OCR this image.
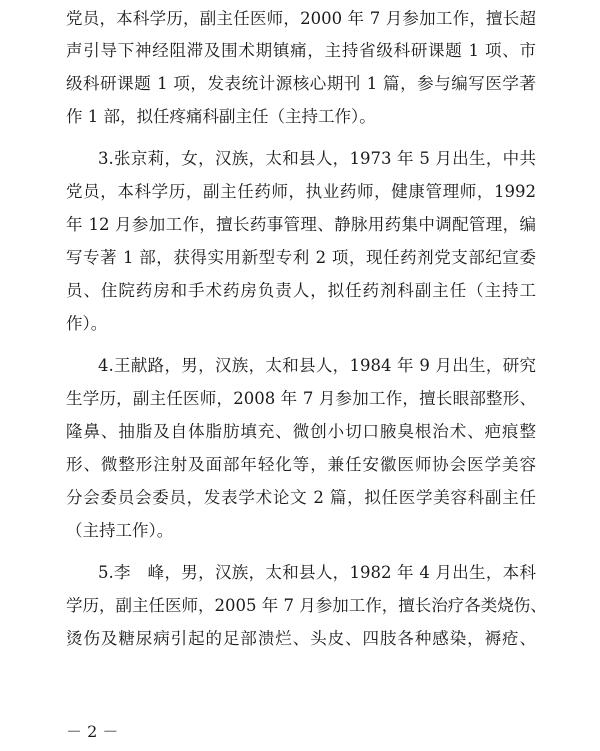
党员，本科学历，副主任医师，2000 年 7 月参加工作，擅长超
声引导下神经阻滞及围术期镇痛，主持省级科研课题 1 项、市
级科研课题 1 项，发表统计源核心期刊 1 篇，参与编写医学著
作 1 部，拟任疼痛科副主任（主持工作）。
3.张京莉，女，汉族，太和县人，1973 年 5 月出生，中共
党员，本科学历，副主任药师，执业药师，健康管理师，1992
年 12 月参加工作，擅长药事管理、静脉用药集中调配管理，编
写专著 1 部，获得实用新型专利 2 项，现任药剂党支部纪宣委
员、住院药房和手术药房负责人，拟任药剂科副主任（主持工
作）。
4.王献路，男，汉族，太和县人，1984 年 9 月出生，研究
生学历，副主任医师，2008 年 7 月参加工作，擅长眼部整形、
隆鼻、抽脂及自体脂肪填充、微创小切口腋臭根治术、疤痕整
形、微整形注射及面部年轻化等，兼任安徽医师协会医学美容
分会委员会委员，发表学术论文 2 篇，拟任医学美容科副主任
（主持工作）。
5.李　峰，男，汉族，太和县人，1982 年 4 月出生，本科
学历，副主任医师，2005 年 7 月参加工作，擅长治疗各类烧伤、
烫伤及糖尿病引起的足部溃烂、头皮、四肢各种感染，褥疮、
－ 2 －
